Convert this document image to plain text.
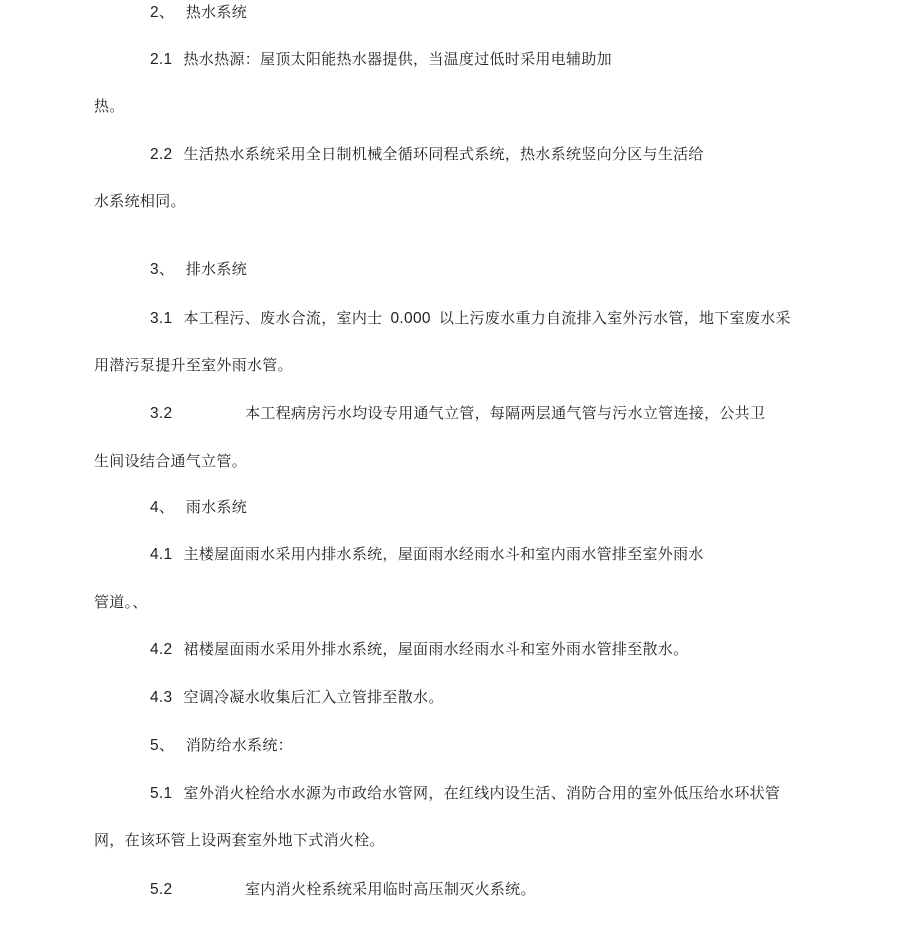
2、 热水系统
2.1 热水热源：屋顶太阳能热水器提供，当温度过低时采用电辅助加
热。
2.2 生活热水系统采用全日制机械全循环同程式系统，热水系统竖向分区与生活给
水系统相同。
3、 排水系统
3.1 本工程污、废水合流，室内士 0.000 以上污废水重力自流排入室外污水管，地下室废水采
用潜污泵提升至室外雨水管。
3.2	本工程病房污水均设专用通气立管，每隔两层通气管与污水立管连接，公共卫
生间设结合通气立管。
4、 雨水系统
4.1 主楼屋面雨水采用内排水系统，屋面雨水经雨水斗和室内雨水管排至室外雨水
管道。、
4.2 裙楼屋面雨水采用外排水系统，屋面雨水经雨水斗和室外雨水管排至散水。
4.3 空调冷凝水收集后汇入立管排至散水。
5、 消防给水系统：
5.1 室外消火栓给水水源为市政给水管网，在红线内设生活、消防合用的室外低压给水环状管
网，在该环管上设两套室外地下式消火栓。
5.2	室内消火栓系统采用临时高压制灭火系统。
